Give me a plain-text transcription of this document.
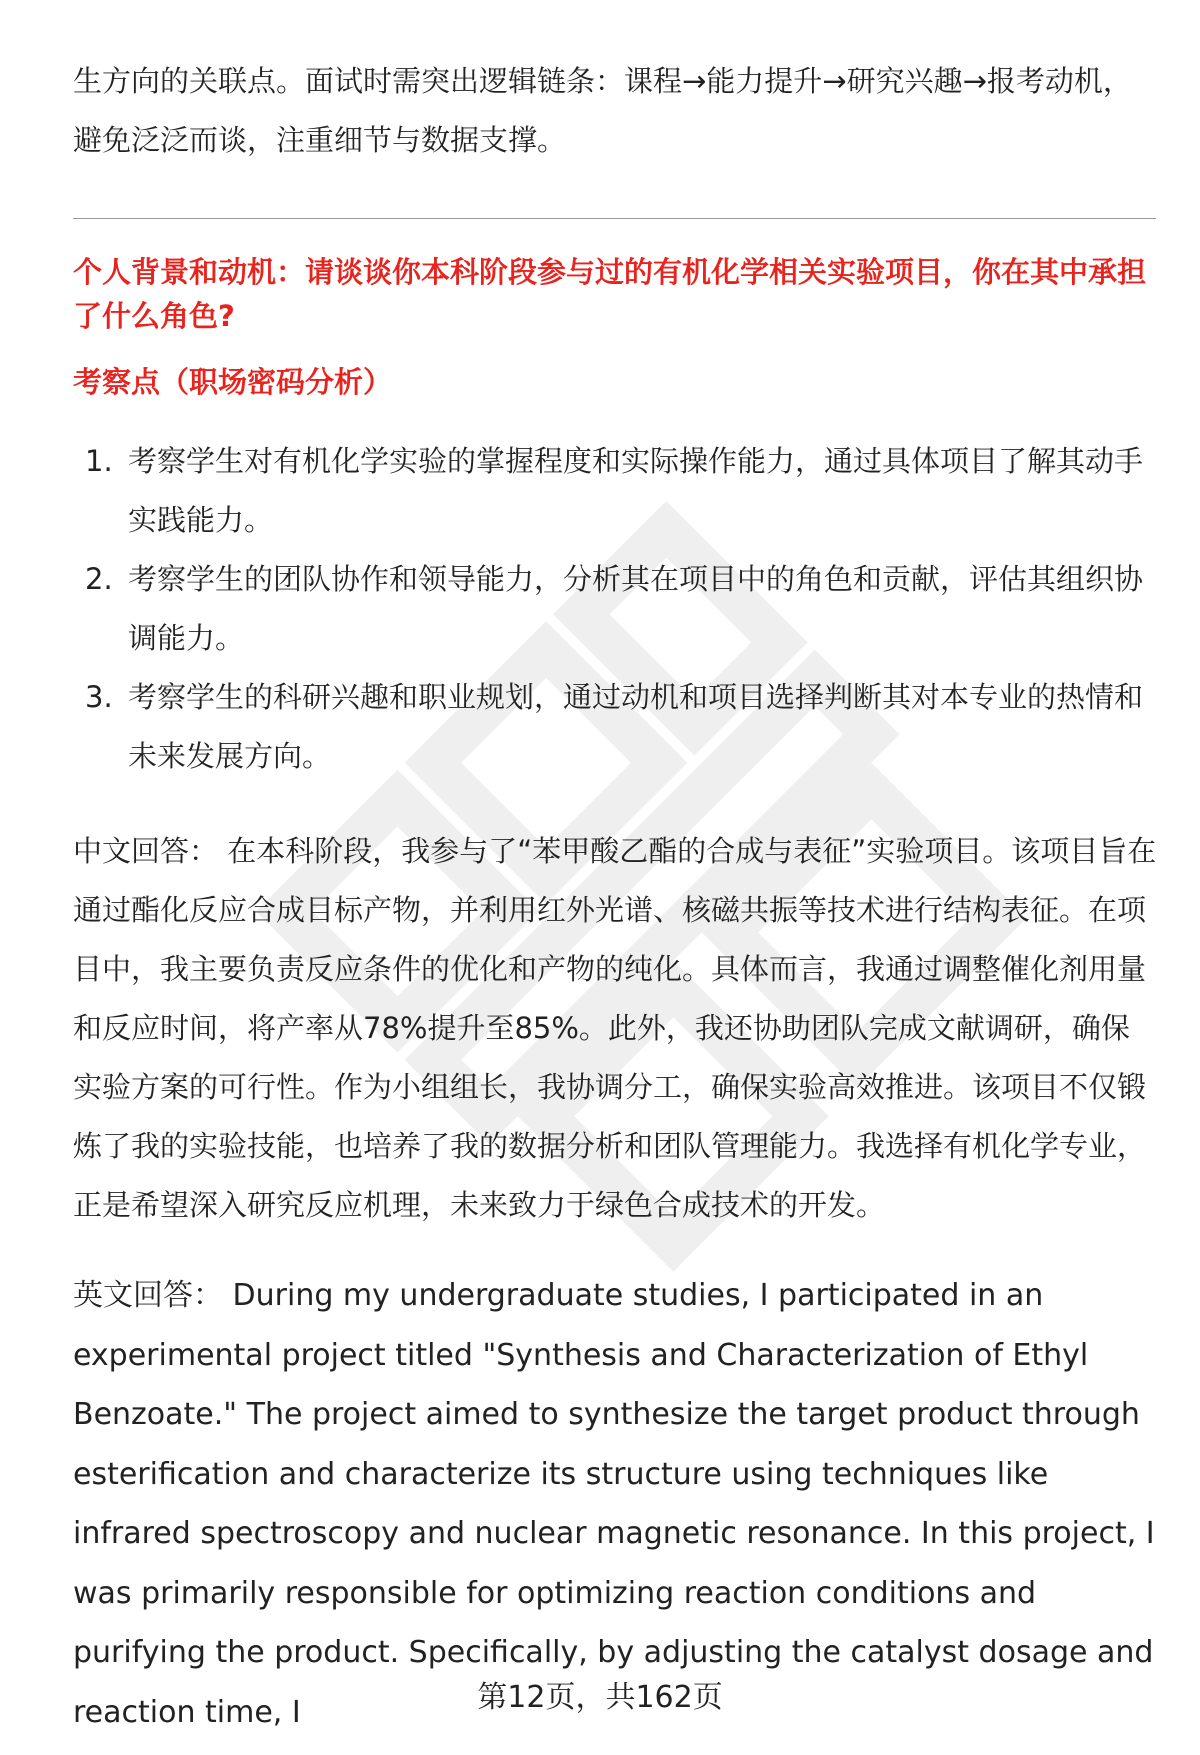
生方向的关联点。面试时需突出逻辑链条：课程→能力提升→研究兴趣→报考动机，避免泛泛而谈，注重细节与数据支撑。
个人背景和动机：请谈谈你本科阶段参与过的有机化学相关实验项目，你在其中承担了什么角色?
考察点（职场密码分析）
1. 考察学生对有机化学实验的掌握程度和实际操作能力，通过具体项目了解其动手实践能力。
2. 考察学生的团队协作和领导能力，分析其在项目中的角色和贡献，评估其组织协调能力。
3. 考察学生的科研兴趣和职业规划，通过动机和项目选择判断其对本专业的热情和未来发展方向。
中文回答： 在本科阶段，我参与了“苯甲酸乙酯的合成与表征”实验项目。该项目旨在通过酯化反应合成目标产物，并利用红外光谱、核磁共振等技术进行结构表征。在项目中，我主要负责反应条件的优化和产物的纯化。具体而言，我通过调整催化剂用量和反应时间，将产率从78%提升至85%。此外，我还协助团队完成文献调研，确保实验方案的可行性。作为小组组长，我协调分工，确保实验高效推进。该项目不仅锻炼了我的实验技能，也培养了我的数据分析和团队管理能力。我选择有机化学专业，正是希望深入研究反应机理，未来致力于绿色合成技术的开发。
英文回答： During my undergraduate studies, I participated in an experimental project titled "Synthesis and Characterization of Ethyl Benzoate." The project aimed to synthesize the target product through esterification and characterize its structure using techniques like infrared spectroscopy and nuclear magnetic resonance. In this project, I was primarily responsible for optimizing reaction conditions and purifying the product. Specifically, by adjusting the catalyst dosage and reaction time, I	第12页，共162页
